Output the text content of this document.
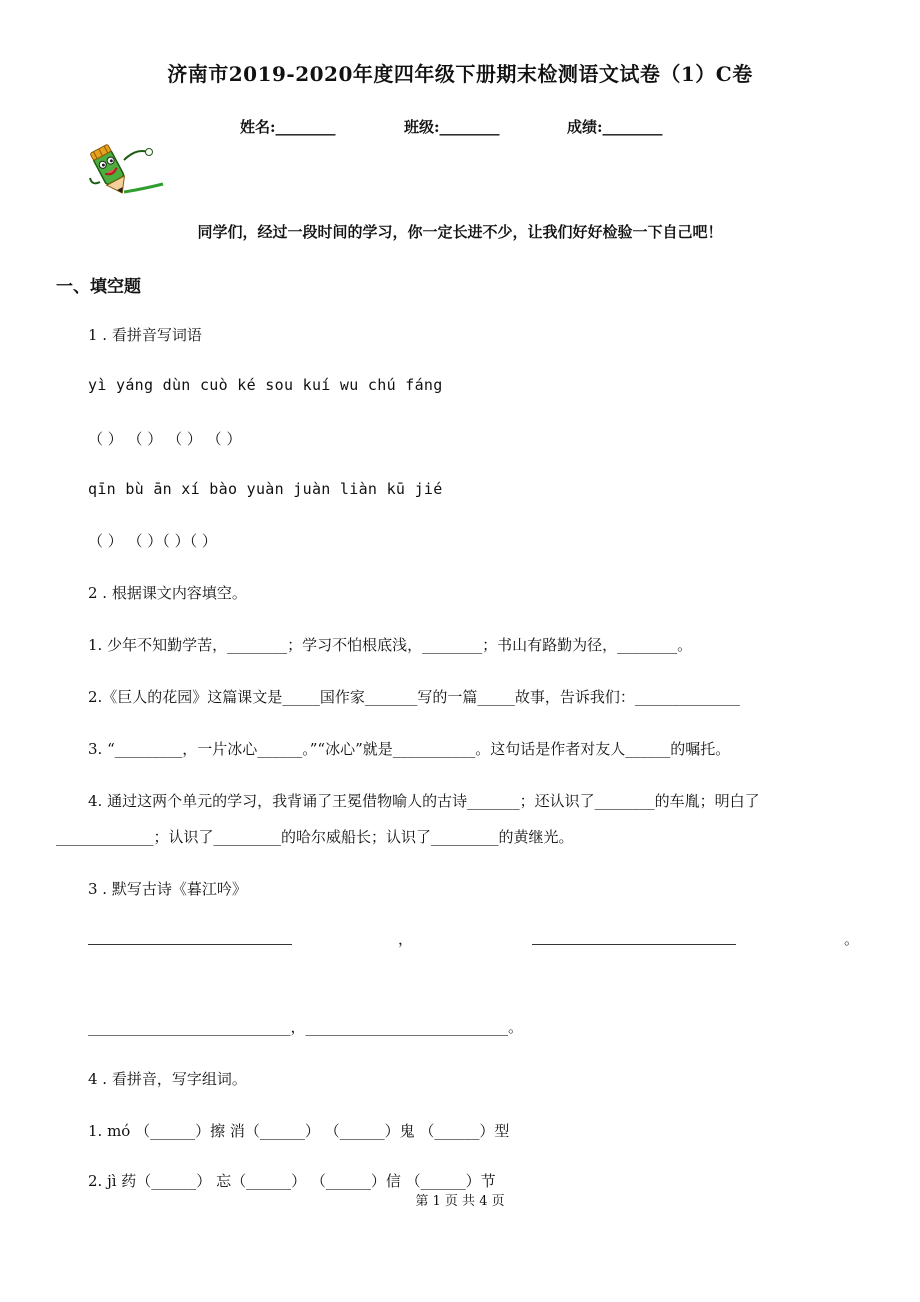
济南市2019-2020年度四年级下册期末检测语文试卷（1）C卷
姓名:________	班级:________	成绩:________
同学们，经过一段时间的学习，你一定长进不少，让我们好好检验一下自己吧！
一、填空题
1 . 看拼音写词语
yì yáng dùn cuò ké sou kuí wu chú fáng
（ ） （ ） （ ） （ ）
qīn bù ān xí bào yuàn juàn liàn kū jié
（ ） （ ）（ ）（ ）
2 . 根据课文内容填空。
1. 少年不知勤学苦，________；学习不怕根底浅，________；书山有路勤为径，________。
2.《巨人的花园》这篇课文是_____国作家_______写的一篇_____故事，告诉我们：______________
3. “_________，一片冰心______。”“冰心”就是___________。这句话是作者对友人______的嘱托。
4. 通过这两个单元的学习，我背诵了王冕借物喻人的古诗_______；还认识了________的车胤；明白了
_____________；认识了_________的哈尔威船长；认识了_________的黄继光。
3 . 默写古诗《暮江吟》
，	。
___________________________，___________________________。
4 . 看拼音，写字组词。
1. mó （______）擦 消（______） （______）鬼 （______）型
2. jì 药（______） 忘（______） （______）信 （______）节
第 1 页 共 4 页
